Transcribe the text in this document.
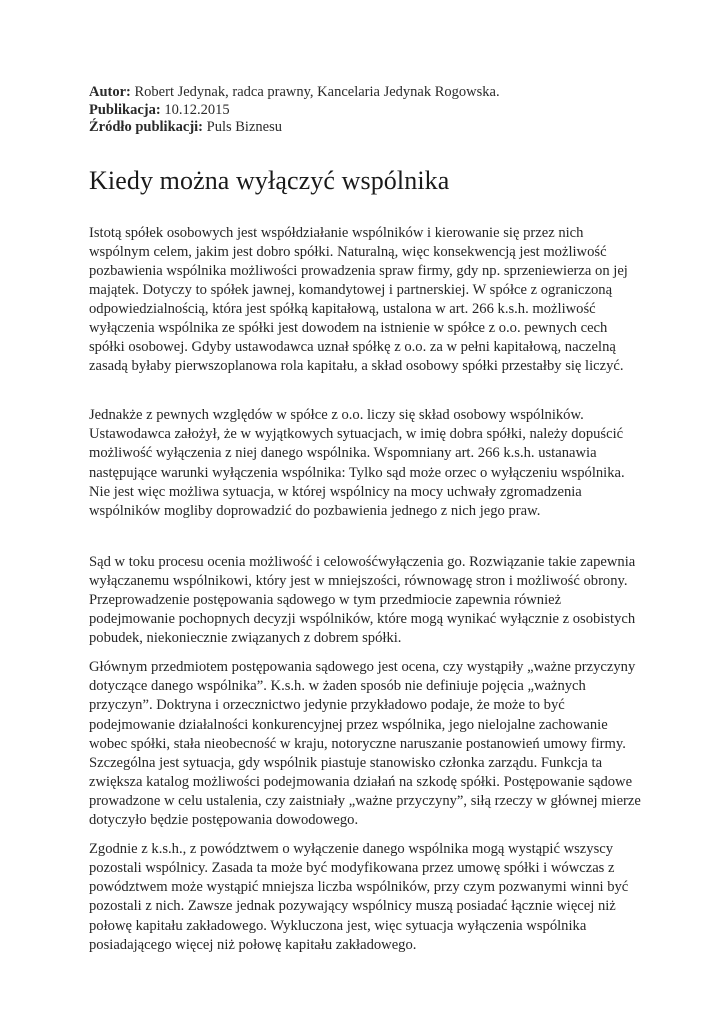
Autor: Robert Jedynak, radca prawny, Kancelaria Jedynak Rogowska.
Publikacja: 10.12.2015
Źródło publikacji: Puls Biznesu
Kiedy można wyłączyć wspólnika

Istotą spółek osobowych jest współdziałanie wspólników i kierowanie się przez nich wspólnym celem, jakim jest dobro spółki. Naturalną, więc konsekwencją jest możliwość pozbawienia wspólnika możliwości prowadzenia spraw firmy, gdy np. sprzeniewierza on jej majątek. Dotyczy to spółek jawnej, komandytowej i partnerskiej. W spółce z ograniczoną odpowiedzialnością, która jest spółką kapitałową, ustalona w art. 266 k.s.h. możliwość wyłączenia wspólnika ze spółki jest dowodem na istnienie w spółce z o.o. pewnych cech spółki osobowej. Gdyby ustawodawca uznał spółkę z o.o. za w pełni kapitałową, naczelną zasadą byłaby pierwszoplanowa rola kapitału, a skład osobowy spółki przestałby się liczyć.

Jednakże z pewnych względów w spółce z o.o. liczy się skład osobowy wspólników. Ustawodawca założył, że w wyjątkowych sytuacjach, w imię dobra spółki, należy dopuścić możliwość wyłączenia z niej danego wspólnika. Wspomniany art. 266 k.s.h. ustanawia następujące warunki wyłączenia wspólnika: Tylko sąd może orzec o wyłączeniu wspólnika. Nie jest więc możliwa sytuacja, w której wspólnicy na mocy uchwały zgromadzenia wspólników mogliby doprowadzić do pozbawienia jednego z nich jego praw.

Sąd w toku procesu ocenia możliwość i celowośćwyłączenia go. Rozwiązanie takie zapewnia wyłączanemu wspólnikowi, który jest w mniejszości, równowagę stron i możliwość obrony. Przeprowadzenie postępowania sądowego w tym przedmiocie zapewnia również podejmowanie pochopnych decyzji wspólników, które mogą wynikać wyłącznie z osobistych pobudek, niekoniecznie związanych z dobrem spółki.

Głównym przedmiotem postępowania sądowego jest ocena, czy wystąpiły „ważne przyczyny dotyczące danego wspólnika”. K.s.h. w żaden sposób nie definiuje pojęcia „ważnych przyczyn”. Doktryna i orzecznictwo jedynie przykładowo podaje, że może to być podejmowanie działalności konkurencyjnej przez wspólnika, jego nielojalne zachowanie wobec spółki, stała nieobecność w kraju, notoryczne naruszanie postanowień umowy firmy. Szczególna jest sytuacja, gdy wspólnik piastuje stanowisko członka zarządu. Funkcja ta zwiększa katalog możliwości podejmowania działań na szkodę spółki. Postępowanie sądowe prowadzone w celu ustalenia, czy zaistniały „ważne przyczyny”, siłą rzeczy w głównej mierze dotyczyło będzie postępowania dowodowego.

Zgodnie z k.s.h., z powództwem o wyłączenie danego wspólnika mogą wystąpić wszyscy pozostali wspólnicy. Zasada ta może być modyfikowana przez umowę spółki i wówczas z powództwem może wystąpić mniejsza liczba wspólników, przy czym pozwanymi winni być pozostali z nich. Zawsze jednak pozywający wspólnicy muszą posiadać łącznie więcej niż połowę kapitału zakładowego. Wykluczona jest, więc sytuacja wyłączenia wspólnika posiadającego więcej niż połowę kapitału zakładowego.
